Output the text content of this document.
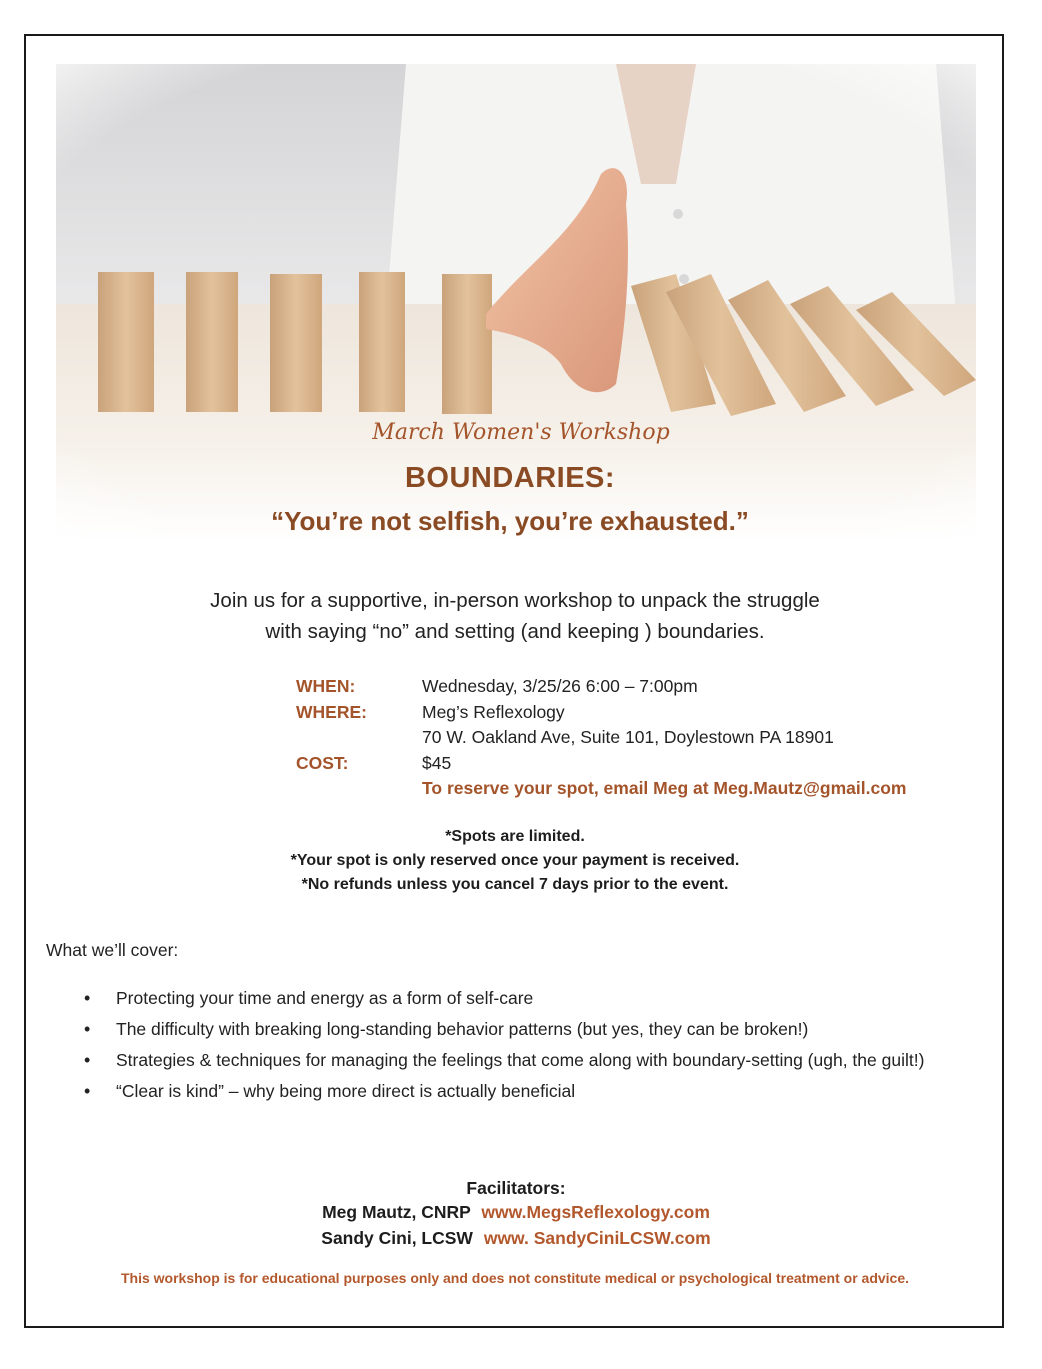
March Women's Workshop
BOUNDARIES:
“You’re not selfish, you’re exhausted.”
Join us for a supportive, in-person workshop to unpack the struggle
with saying “no” and setting (and keeping ) boundaries.
WHEN:	Wednesday, 3/25/26 6:00 – 7:00pm
WHERE:	Meg’s Reflexology
70 W. Oakland Ave, Suite 101, Doylestown PA 18901
COST:	$45
To reserve your spot, email Meg at Meg.Mautz@gmail.com
*Spots are limited.
*Your spot is only reserved once your payment is received.
*No refunds unless you cancel 7 days prior to the event.
What we’ll cover:
• Protecting your time and energy as a form of self-care
• The difficulty with breaking long-standing behavior patterns (but yes, they can be broken!)
• Strategies & techniques for managing the feelings that come along with boundary-setting (ugh, the guilt!)
• “Clear is kind” – why being more direct is actually beneficial
Facilitators:
Meg Mautz, CNRP www.MegsReflexology.com
Sandy Cini, LCSW www. SandyCiniLCSW.com
This workshop is for educational purposes only and does not constitute medical or psychological treatment or advice.
